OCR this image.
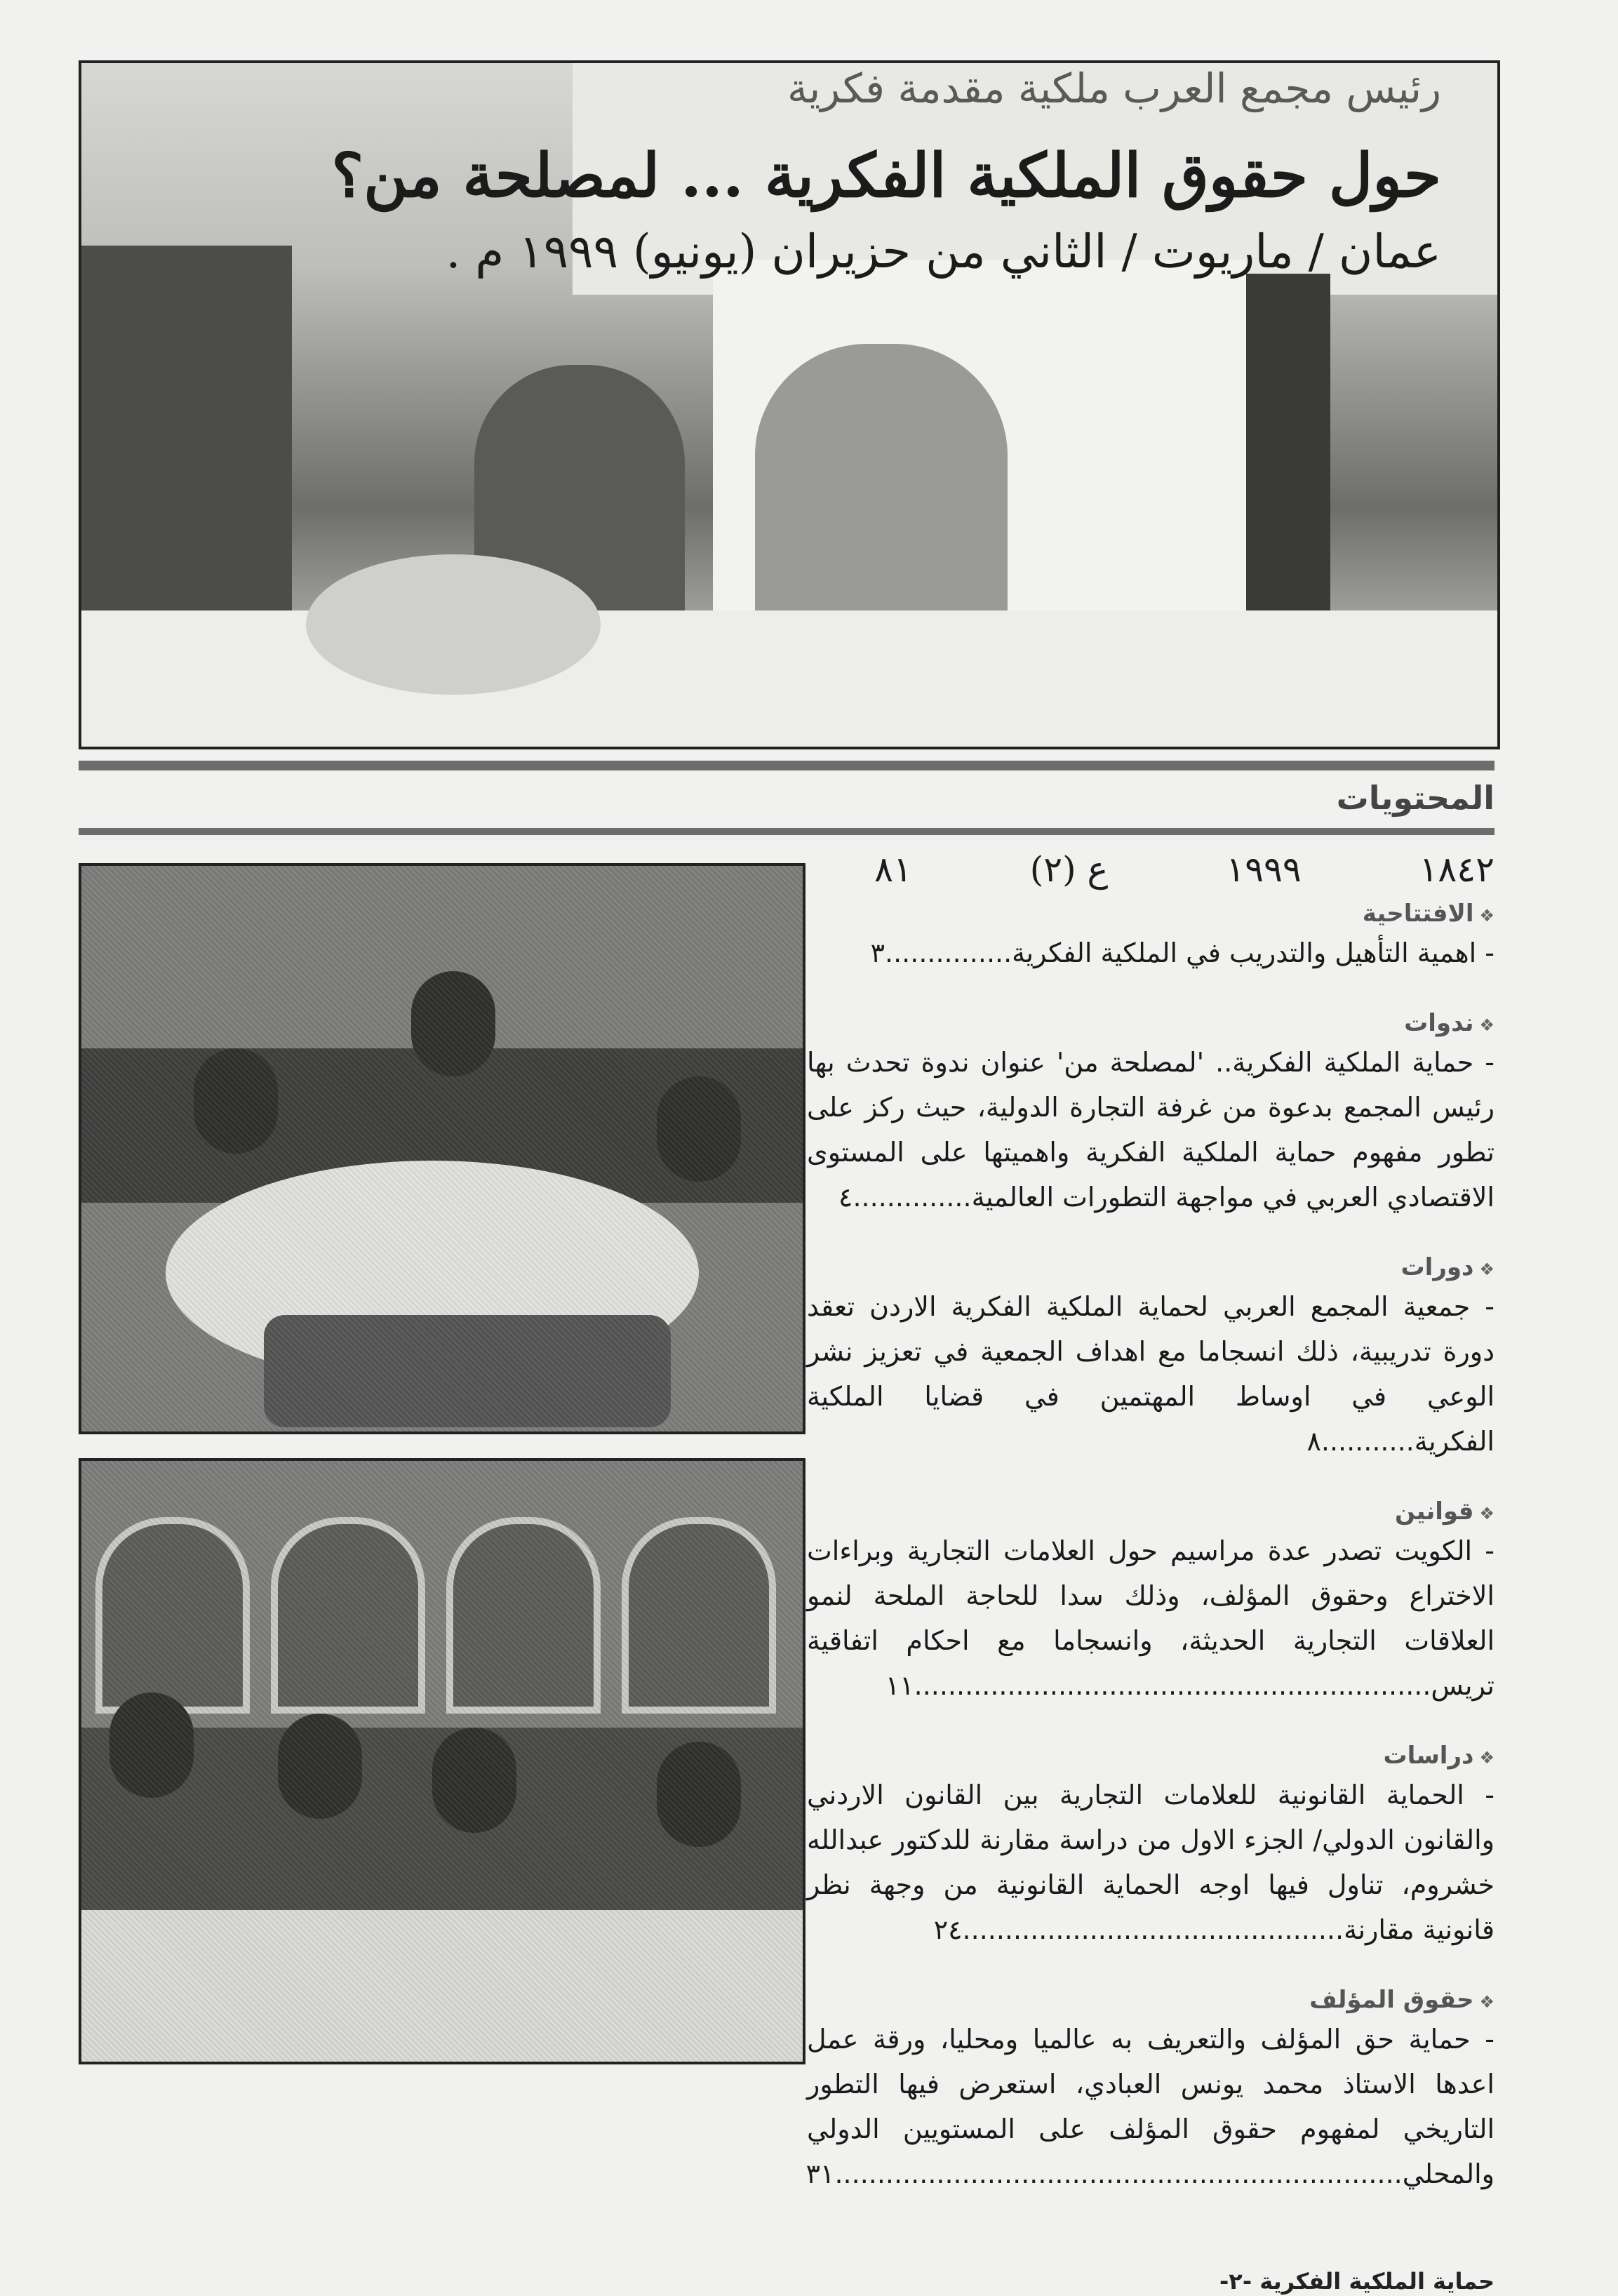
رئيس مجمع العرب ملكية مقدمة فكرية
حول حقوق الملكية الفكرية ... لمصلحة من؟
عمان / ماريوت / الثاني من حزيران (يونيو) ١٩٩٩ م .
المحتويات
٨١	ع (٢)	١٩٩٩	١٨٤٢
❖الافتتاحية
- اهمية التأهيل والتدريب في الملكية الفكرية...............٣
❖ندوات
- حماية الملكية الفكرية.. 'لمصلحة من' عنوان ندوة تحدث بها رئيس المجمع بدعوة من غرفة التجارة الدولية، حيث ركز على تطور مفهوم حماية الملكية الفكرية واهميتها على المستوى الاقتصادي العربي في مواجهة التطورات العالمية..............٤
❖دورات
- جمعية المجمع العربي لحماية الملكية الفكرية الاردن تعقد دورة تدريبية، ذلك انسجاما مع اهداف الجمعية في تعزيز نشر الوعي في اوساط المهتمين في قضايا الملكية الفكرية...........٨
❖قوانين
- الكويت تصدر عدة مراسيم حول العلامات التجارية وبراءات الاختراع وحقوق المؤلف، وذلك سدا للحاجة الملحة لنمو العلاقات التجارية الحديثة، وانسجاما مع احكام اتفاقية تريس.............................................................١١
❖دراسات
- الحماية القانونية للعلامات التجارية بين القانون الاردني والقانون الدولي/ الجزء الاول من دراسة مقارنة للدكتور عبدالله خشروم، تناول فيها اوجه الحماية القانونية من وجهة نظر قانونية مقارنة.............................................٢٤
❖حقوق المؤلف
- حماية حق المؤلف والتعريف به عالميا ومحليا، ورقة عمل اعدها الاستاذ محمد يونس العبادي، استعرض فيها التطور التاريخي لمفهوم حقوق المؤلف على المستويين الدولي والمحلي...................................................................٣١
حماية الملكية الفكرية -٢-
